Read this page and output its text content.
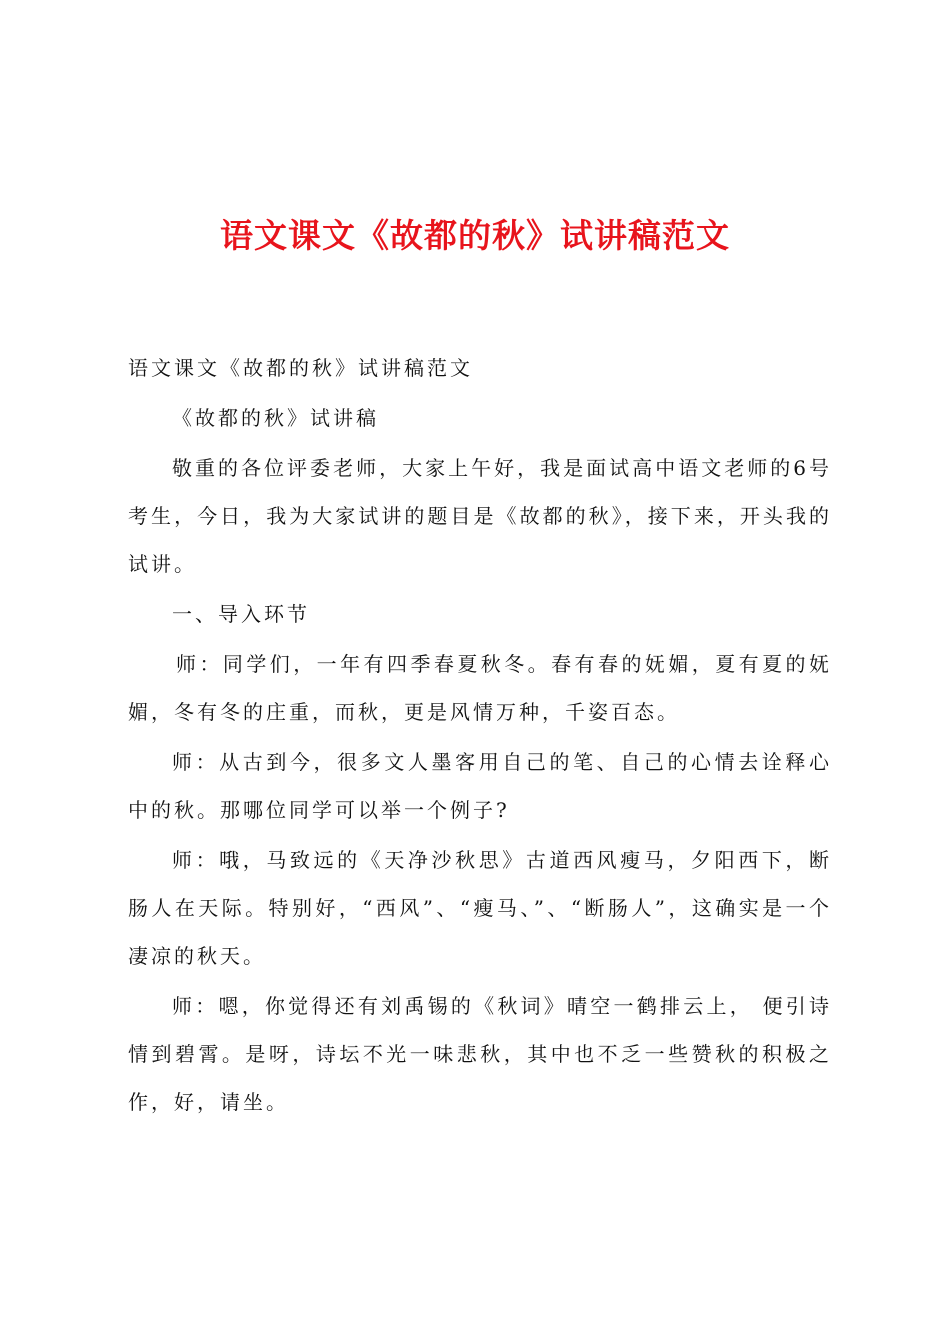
语文课文《故都的秋》试讲稿范文

语文课文《故都的秋》试讲稿范文

《故都的秋》试讲稿

敬重的各位评委老师，大家上午好，我是面试高中语文老师的6号考生，今日，我为大家试讲的题目是《故都的秋》，接下来，开头我的试讲。

一、导入环节

师：同学们，一年有四季春夏秋冬。春有春的妩媚，夏有夏的妩媚，冬有冬的庄重，而秋，更是风情万种，千姿百态。

师：从古到今，很多文人墨客用自己的笔、自己的心情去诠释心中的秋。那哪位同学可以举一个例子?

师：哦，马致远的《天净沙秋思》古道西风瘦马，夕阳西下，断肠人在天际。特别好，“西风”、“瘦马、”、“断肠人”，这确实是一个凄凉的秋天。

师：嗯，你觉得还有刘禹锡的《秋词》晴空一鹤排云上， 便引诗情到碧霄。是呀，诗坛不光一味悲秋，其中也不乏一些赞秋的积极之作，好，请坐。
